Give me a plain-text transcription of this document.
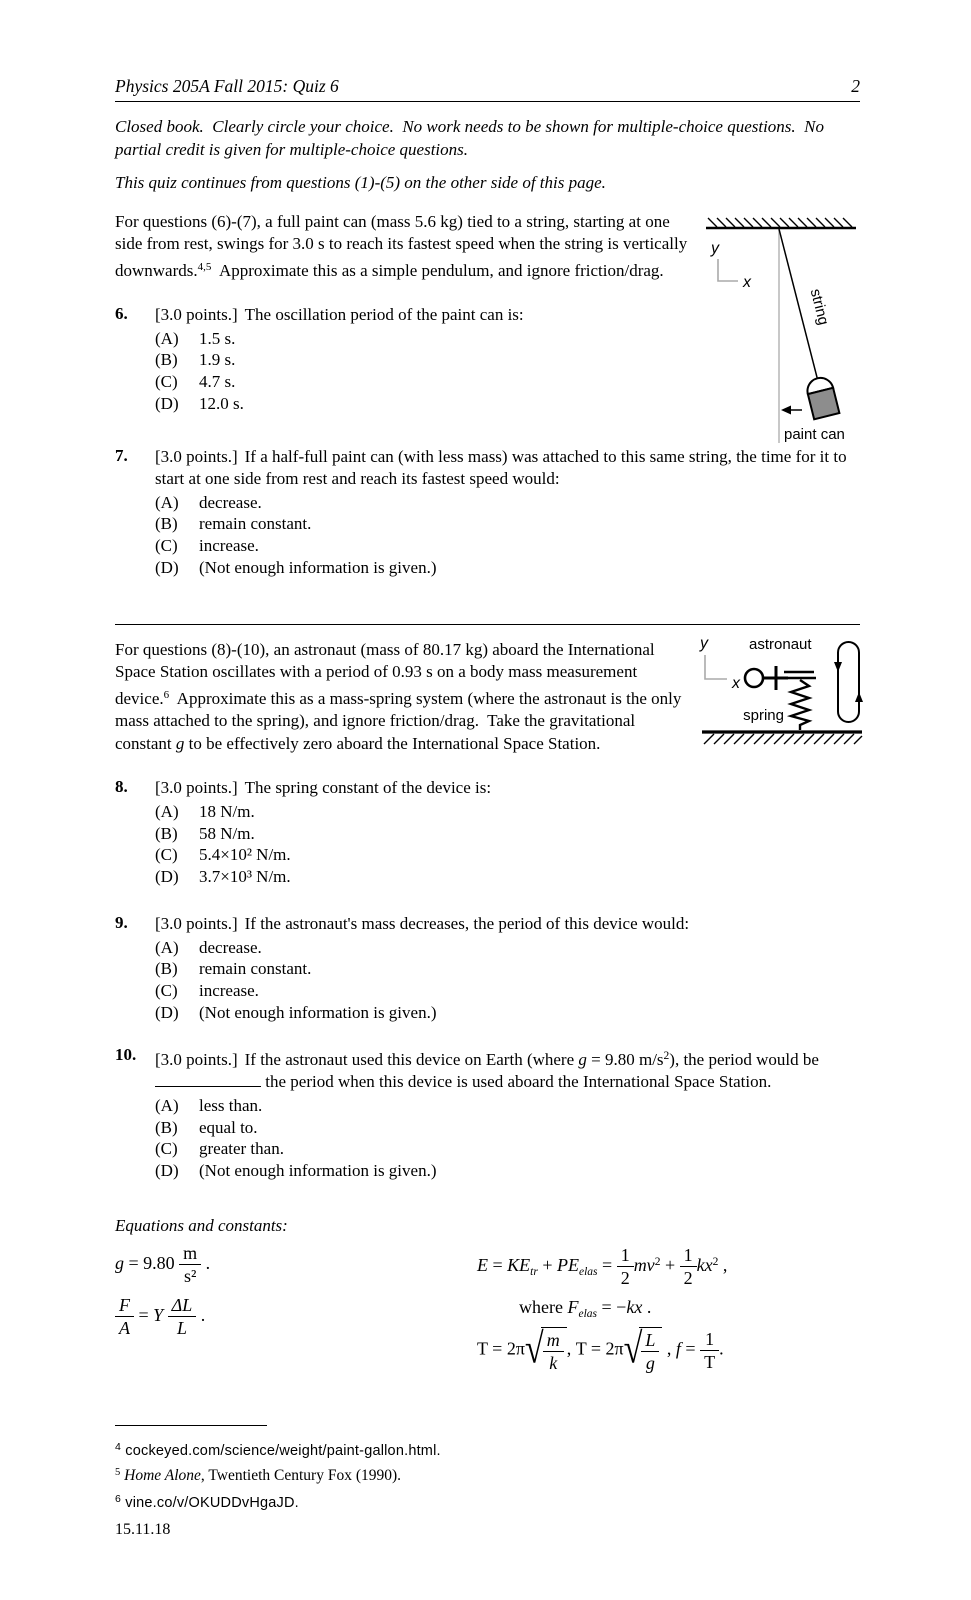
Physics 205A Fall 2015: Quiz 6	2

Closed book.  Clearly circle your choice.  No work needs to be shown for multiple-choice questions.  No partial credit is given for multiple-choice questions.

This quiz continues from questions (1)-(5) on the other side of this page.

For questions (6)-(7), a full paint can (mass 5.6 kg) tied to a string, starting at one side from rest, swings for 3.0 s to reach its fastest speed when the string is vertically downwards.$^{4,5}$  Approximate this as a simple pendulum, and ignore friction/drag.
y
x
string
paint can
6.	[3.0 points.] The oscillation period of the paint can is:
(A)	1.5 s.
(B)	1.9 s.
(C)	4.7 s.
(D)	12.0 s.
7.	[3.0 points.] If a half-full paint can (with less mass) was attached to this same string, the time for it to start at one side from rest and reach its fastest speed would:
(A)	decrease.
(B)	remain constant.
(C)	increase.
(D)	(Not enough information is given.)
For questions (8)-(10), an astronaut (mass of 80.17 kg) aboard the International Space Station oscillates with a period of 0.93 s on a body mass measurement device.$^6$  Approximate this as a mass-spring system (where the astronaut is the only mass attached to the spring), and ignore friction/drag.  Take the gravitational constant g to be effectively zero aboard the International Space Station.
y
x
astronaut
spring
8.	[3.0 points.] The spring constant of the device is:
(A)	18 N/m.
(B)	58 N/m.
(C)	5.4×10² N/m.
(D)	3.7×10³ N/m.
9.	[3.0 points.] If the astronaut's mass decreases, the period of this device would:
(A)	decrease.
(B)	remain constant.
(C)	increase.
(D)	(Not enough information is given.)
10.	[3.0 points.] If the astronaut used this device on Earth (where g = 9.80 $m/s^2$), the period would be  the period when this device is used aboard the International Space Station.
(A)	less than.
(B)	equal to.
(C)	greater than.
(D)	(Not enough information is given.)
Equations and constants:
$g = 9.80 \frac{m}{\text{s²}}$ .
$\frac{F}{A} = Y \frac{\Delta L}{L}$ .
$E = KE_{tr} + PE_{elas} = \frac{1}{2} mv^2 + \frac{1}{2} kx^2$ ,
where $F_{elas} = -kx$ .
$T = 2\pi√ \frac{m}{k}$ , $T = 2\pi√ \frac{L}{g}$ , $f = \frac{1}{T}$ .
$^4$ cockeyed.com/science/weight/paint-gallon.html.
$^5$ Home Alone, Twentieth Century Fox (1990).
$^6$ vine.co/v/OKUDDvHgaJD.
15.11.18
